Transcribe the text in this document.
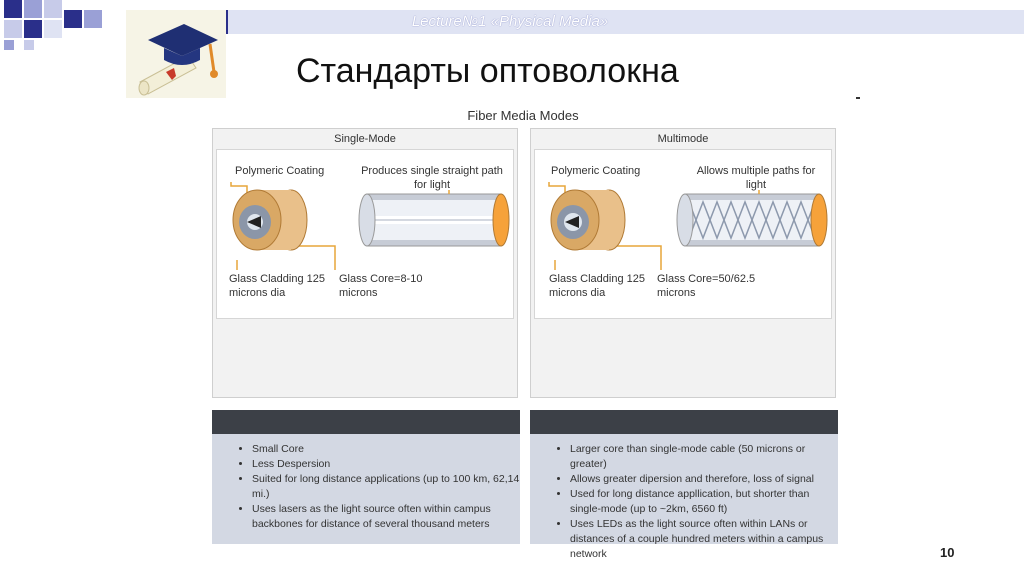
Lecture№1 «Physical Media»
Стандарты оптоволокна
Fiber Media Modes
Single-Mode
Polymeric Coating	Produces single straight path for light
Glass Cladding 125 microns dia
Glass Core=8-10 microns
Multimode
Polymeric Coating	Allows multiple paths for light
Glass Cladding 125 microns dia
Glass Core=50/62.5 microns
• Small Core
• Less Despersion
• Suited for long distance applications (up to 100 km, 62,14 mi.)
• Uses lasers as the light source often within campus backbones for distance of several thousand meters
• Larger core than single-mode cable (50 microns or greater)
• Allows greater dipersion and therefore, loss of signal
• Used for long distance appllication, but shorter than single-mode (up to ~2km, 6560 ft)
• Uses LEDs as the light source often within LANs or distances of a couple hundred meters within a campus network	10
